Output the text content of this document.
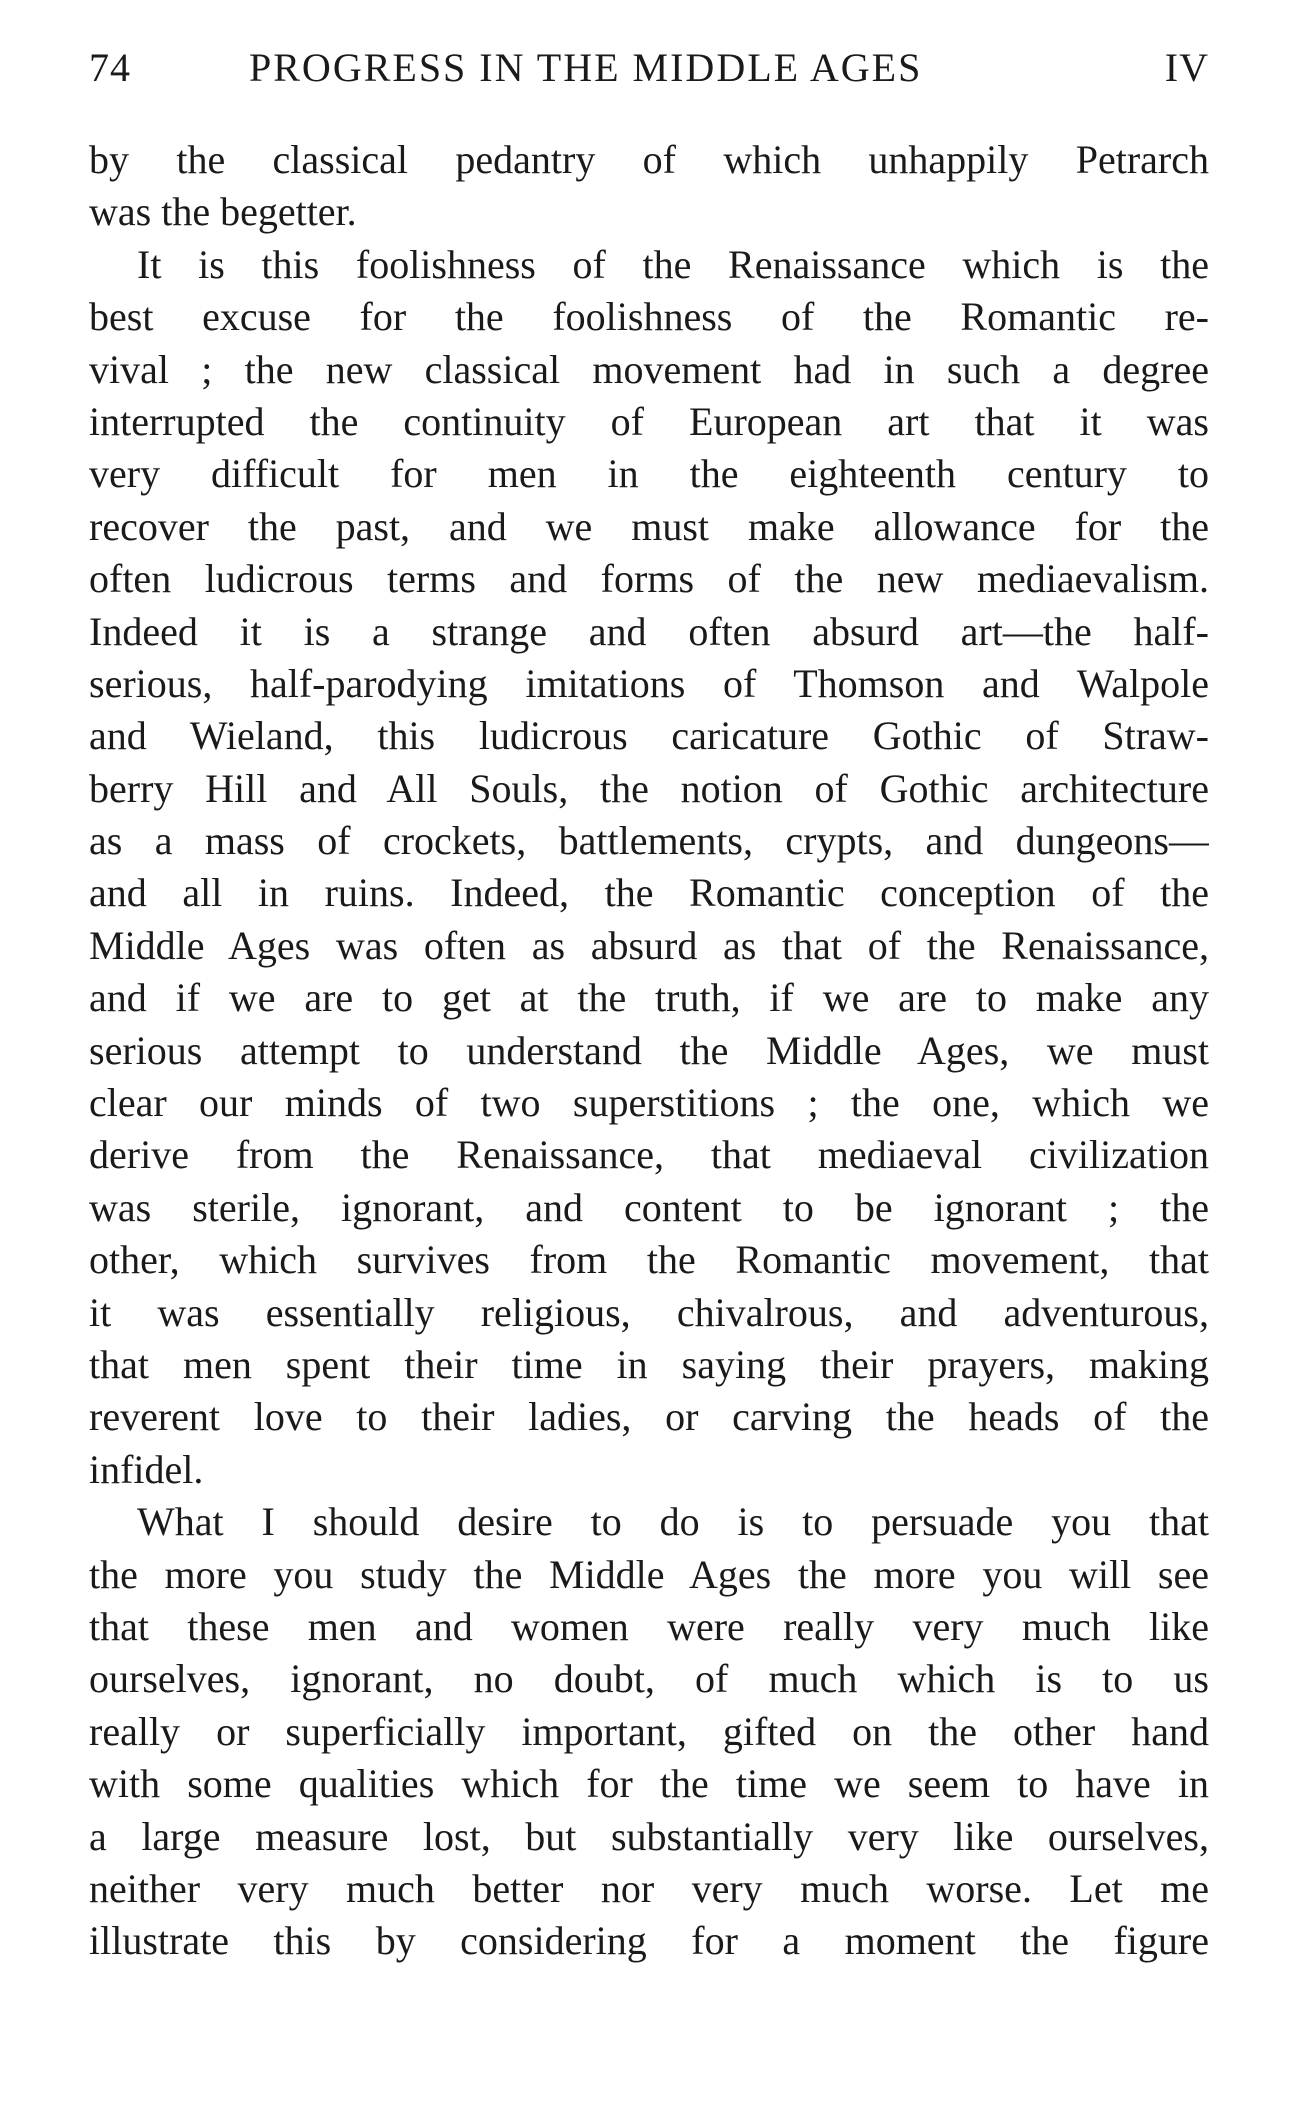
74	PROGRESS IN THE MIDDLE AGES	IV
by the classical pedantry of which unhappily Petrarch
was the begetter.
It is this foolishness of the Renaissance which is the
best excuse for the foolishness of the Romantic re-
vival ; the new classical movement had in such a degree
interrupted the continuity of European art that it was
very difficult for men in the eighteenth century to
recover the past, and we must make allowance for the
often ludicrous terms and forms of the new mediaevalism.
Indeed it is a strange and often absurd art—the half-
serious, half-parodying imitations of Thomson and Walpole
and Wieland, this ludicrous caricature Gothic of Straw-
berry Hill and All Souls, the notion of Gothic architecture
as a mass of crockets, battlements, crypts, and dungeons—
and all in ruins. Indeed, the Romantic conception of the
Middle Ages was often as absurd as that of the Renaissance,
and if we are to get at the truth, if we are to make any
serious attempt to understand the Middle Ages, we must
clear our minds of two superstitions ; the one, which we
derive from the Renaissance, that mediaeval civilization
was sterile, ignorant, and content to be ignorant ; the
other, which survives from the Romantic movement, that
it was essentially religious, chivalrous, and adventurous,
that men spent their time in saying their prayers, making
reverent love to their ladies, or carving the heads of the
infidel.
What I should desire to do is to persuade you that
the more you study the Middle Ages the more you will see
that these men and women were really very much like
ourselves, ignorant, no doubt, of much which is to us
really or superficially important, gifted on the other hand
with some qualities which for the time we seem to have in
a large measure lost, but substantially very like ourselves,
neither very much better nor very much worse. Let me
illustrate this by considering for a moment the figure
